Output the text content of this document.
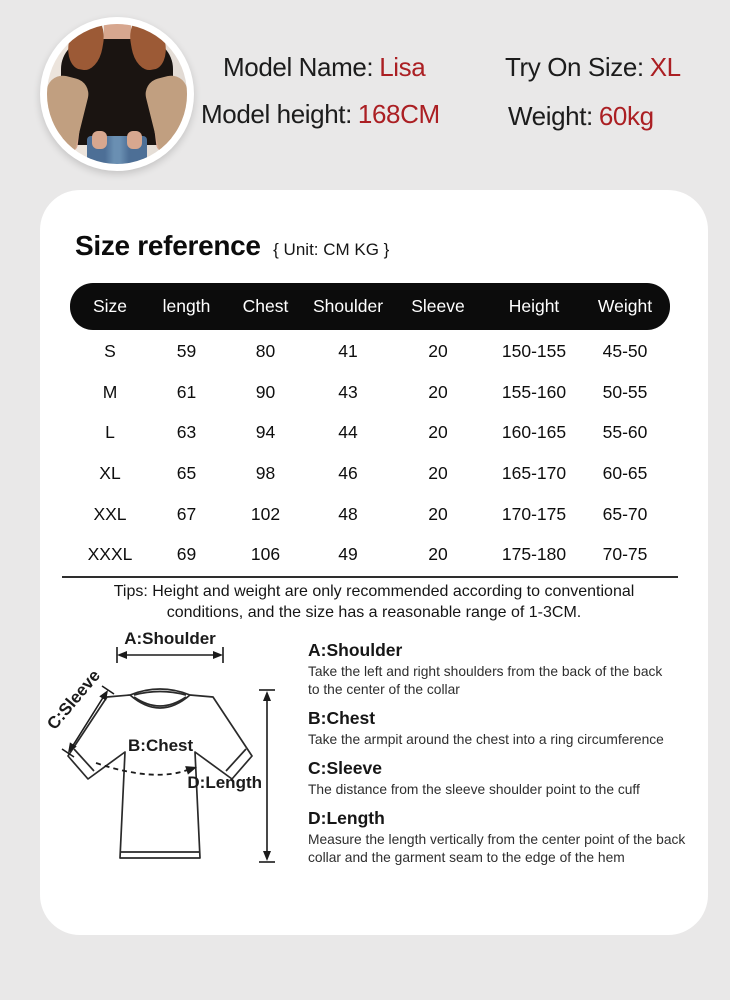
Model Name: Lisa	Try On Size: XL
Model height: 168CM	Weight: 60kg
Size reference { Unit: CM KG }
Size	length	Chest	Shoulder	Sleeve	Height	Weight
S	59	80	41	20	150-155	45-50
M	61	90	43	20	155-160	50-55
L	63	94	44	20	160-165	55-60
XL	65	98	46	20	165-170	60-65
XXL	67	102	48	20	170-175	65-70
XXXL	69	106	49	20	175-180	70-75
Tips: Height and weight are only recommended according to conventional
conditions, and the size has a reasonable range of 1-3CM.
A:Shoulder
B:Chest
C:Sleeve
D:Length
A:Shoulder

Take the left and right shoulders from the back of the back to the center of the collar

B:Chest

Take the armpit around the chest into a ring circumference

C:Sleeve

The distance from the sleeve shoulder point to the cuff

D:Length

Measure the length vertically from the center point of the back collar and the garment seam to the edge of the hem
